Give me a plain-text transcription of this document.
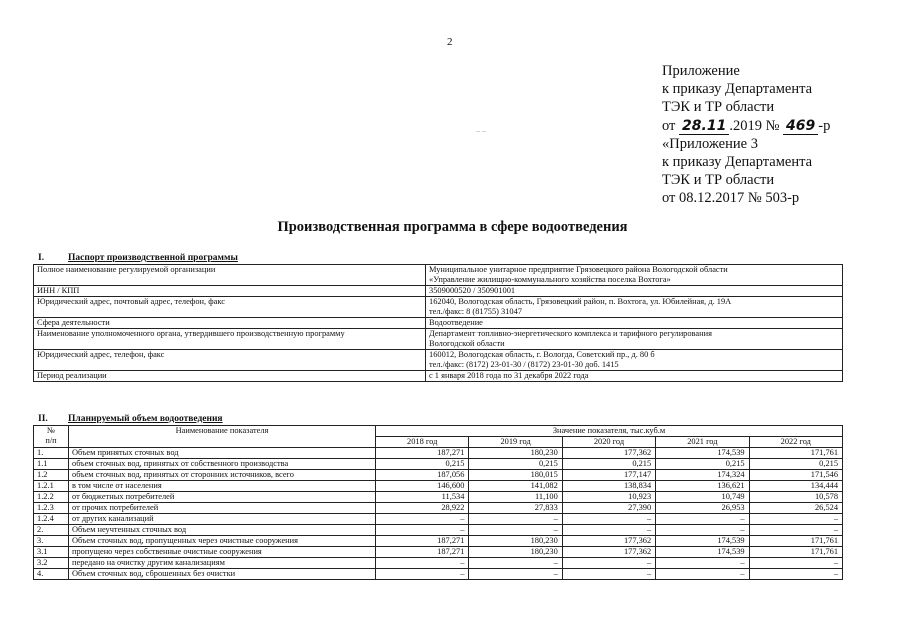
2
_ _
Приложение
к приказу Департамента
ТЭК и ТР области
от 28.11 .2019 № 469 -р
«Приложение 3
к приказу Департамента
ТЭК и ТР области
от 08.12.2017 № 503-р
Производственная программа в сфере водоотведения
I.	Паспорт производственной программы
Полное наименование регулируемой организации	Муниципальное унитарное предприятие Грязовецкого района Вологодской области
«Управление жилищно-коммунального хозяйства поселка Вохтога»

ИНН / КПП	3509000520 / 350901001

Юридический адрес, почтовый адрес, телефон, факс	162040, Вологодская область, Грязовецкий район, п. Вохтога, ул. Юбилейная, д. 19А
тел./факс: 8 (81755) 31047

Сфера деятельности	Водоотведение

Наименование уполномоченного органа, утвердившего производственную программу	Департамент топливно-энергетического комплекса и тарифного регулирования
Вологодской области

Юридический адрес, телефон, факс	160012, Вологодская область, г. Вологда, Советский пр., д. 80 б
тел./факс: (8172) 23-01-30 / (8172) 23-01-30 доб. 1415

Период реализации	с 1 января 2018 года по 31 декабря 2022 года
II. Планируемый объем водоотведения
№
п/п	Наименование показателя	Значение показателя, тыс.куб.м				
		2018 год	2019 год	2020 год	2021 год	2022 год
1.	Объем принятых сточных вод	187,271	180,230	177,362	174,539	171,761
1.1	объем сточных вод, принятых от собственного производства	0,215	0,215	0,215	0,215	0,215
1.2	объем сточных вод, принятых от сторонних источников, всего	187,056	180,015	177,147	174,324	171,546
1.2.1	в том числе от населения	146,600	141,082	138,834	136,621	134,444
1.2.2	от бюджетных потребителей	11,534	11,100	10,923	10,749	10,578
1.2.3	от прочих потребителей	28,922	27,833	27,390	26,953	26,524
1.2.4	от других канализаций	–	–	–	–	–
2.	Объем неучтенных сточных вод	–	–	–	–	–
3.	Объем сточных вод, пропущенных через очистные сооружения	187,271	180,230	177,362	174,539	171,761
3.1	пропущено через собственные очистные сооружения	187,271	180,230	177,362	174,539	171,761
3.2	передано на очистку другим канализациям	–	–	–	–	–
4.	Объем сточных вод, сброшенных без очистки	–	–	–	–	–
